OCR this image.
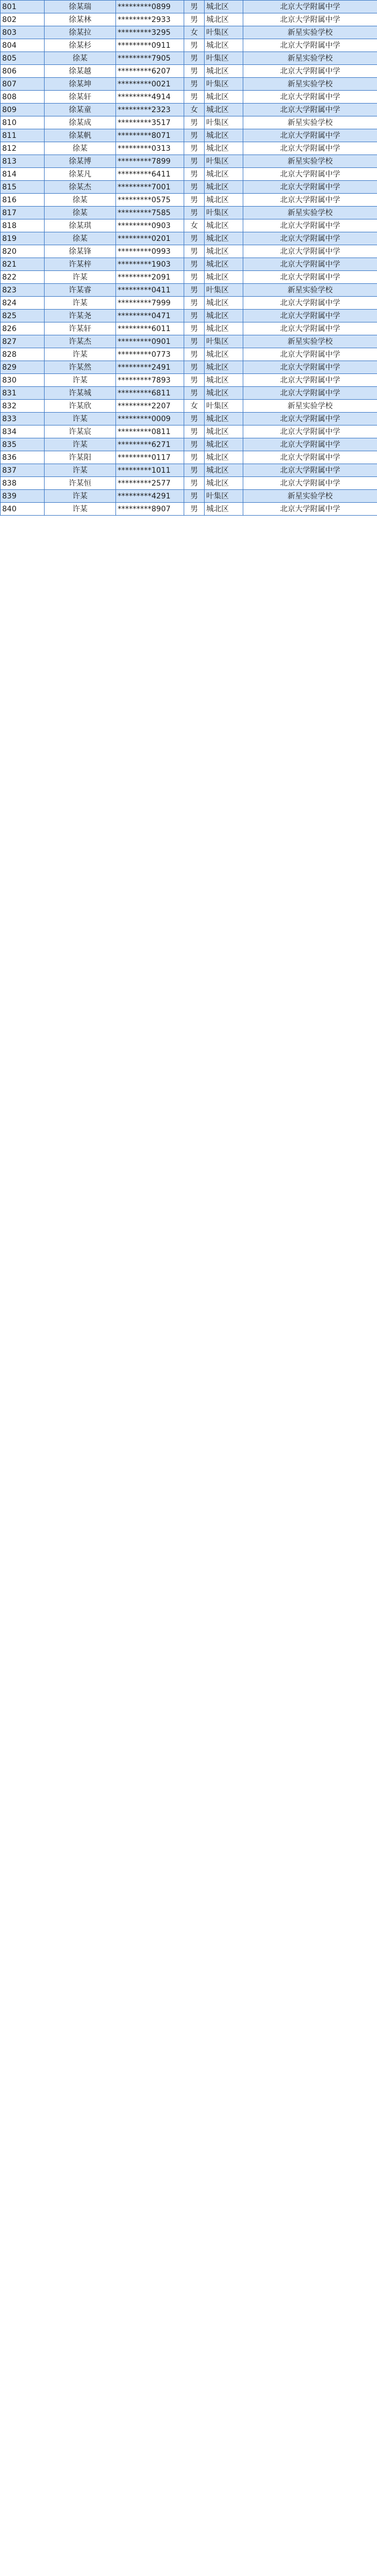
801	徐某瑞	*********0899	男	城北区	北京大学附属中学
802	徐某林	*********2933	男	城北区	北京大学附属中学
803	徐某拉	*********3295	女	叶集区	新星实验学校
804	徐某杉	*********0911	男	城北区	北京大学附属中学
805	徐某	*********7905	男	叶集区	新星实验学校
806	徐某越	*********6207	男	城北区	北京大学附属中学
807	徐某坤	*********0021	男	叶集区	新星实验学校
808	徐某轩	*********4914	男	城北区	北京大学附属中学
809	徐某童	*********2323	女	城北区	北京大学附属中学
810	徐某成	*********3517	男	叶集区	新星实验学校
811	徐某帆	*********8071	男	城北区	北京大学附属中学
812	徐某	*********0313	男	城北区	北京大学附属中学
813	徐某博	*********7899	男	叶集区	新星实验学校
814	徐某凡	*********6411	男	城北区	北京大学附属中学
815	徐某杰	*********7001	男	城北区	北京大学附属中学
816	徐某	*********0575	男	城北区	北京大学附属中学
817	徐某	*********7585	男	叶集区	新星实验学校
818	徐某琪	*********0903	女	城北区	北京大学附属中学
819	徐某	*********0201	男	城北区	北京大学附属中学
820	徐某锋	*********0993	男	城北区	北京大学附属中学
821	许某梓	*********1903	男	城北区	北京大学附属中学
822	许某	*********2091	男	城北区	北京大学附属中学
823	许某睿	*********0411	男	叶集区	新星实验学校
824	许某	*********7999	男	城北区	北京大学附属中学
825	许某尧	*********0471	男	城北区	北京大学附属中学
826	许某轩	*********6011	男	城北区	北京大学附属中学
827	许某杰	*********0901	男	叶集区	新星实验学校
828	许某	*********0773	男	城北区	北京大学附属中学
829	许某然	*********2491	男	城北区	北京大学附属中学
830	许某	*********7893	男	城北区	北京大学附属中学
831	许某城	*********6811	男	城北区	北京大学附属中学
832	许某欣	*********2207	女	叶集区	新星实验学校
833	许某	*********0009	男	城北区	北京大学附属中学
834	许某宸	*********0811	男	城北区	北京大学附属中学
835	许某	*********6271	男	城北区	北京大学附属中学
836	许某阳	*********0117	男	城北区	北京大学附属中学
837	许某	*********1011	男	城北区	北京大学附属中学
838	许某恒	*********2577	男	城北区	北京大学附属中学
839	许某	*********4291	男	叶集区	新星实验学校
840	许某	*********8907	男	城北区	北京大学附属中学
